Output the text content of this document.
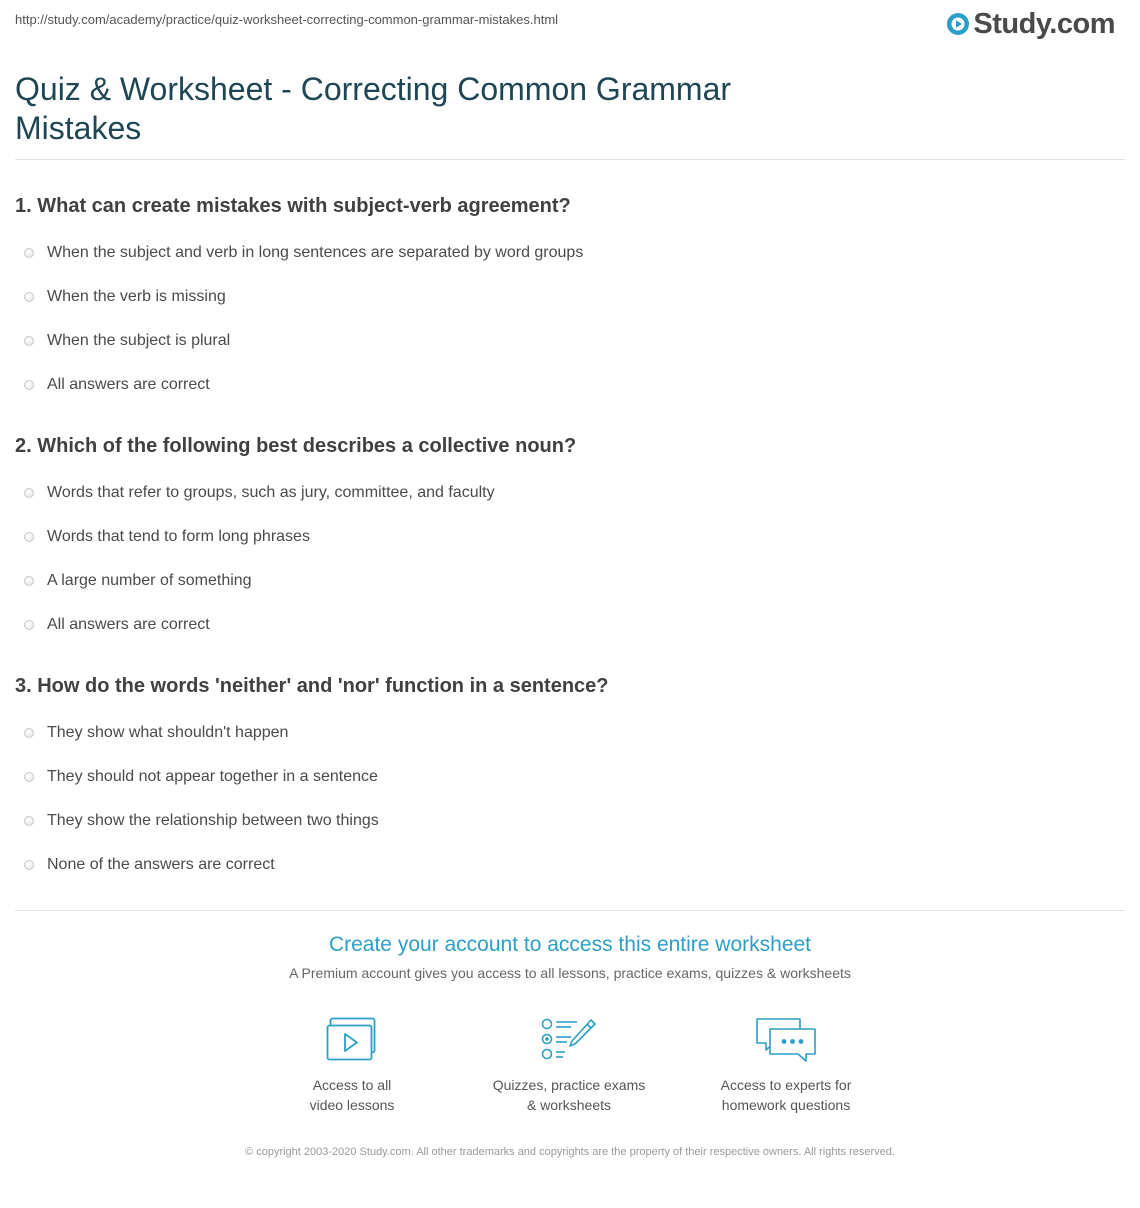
http://study.com/academy/practice/quiz-worksheet-correcting-common-grammar-mistakes.html	Study.com
Quiz & Worksheet - Correcting Common Grammar Mistakes
1. What can create mistakes with subject-verb agreement?
When the subject and verb in long sentences are separated by word groups
When the verb is missing
When the subject is plural
All answers are correct
2. Which of the following best describes a collective noun?
Words that refer to groups, such as jury, committee, and faculty
Words that tend to form long phrases
A large number of something
All answers are correct
3. How do the words 'neither' and 'nor' function in a sentence?
They show what shouldn't happen
They should not appear together in a sentence
They show the relationship between two things
None of the answers are correct
Create your account to access this entire worksheet
A Premium account gives you access to all lessons, practice exams, quizzes & worksheets
Access to all
video lessons
Quizzes, practice exams
& worksheets
Access to experts for
homework questions
© copyright 2003-2020 Study.com. All other trademarks and copyrights are the property of their respective owners. All rights reserved.
